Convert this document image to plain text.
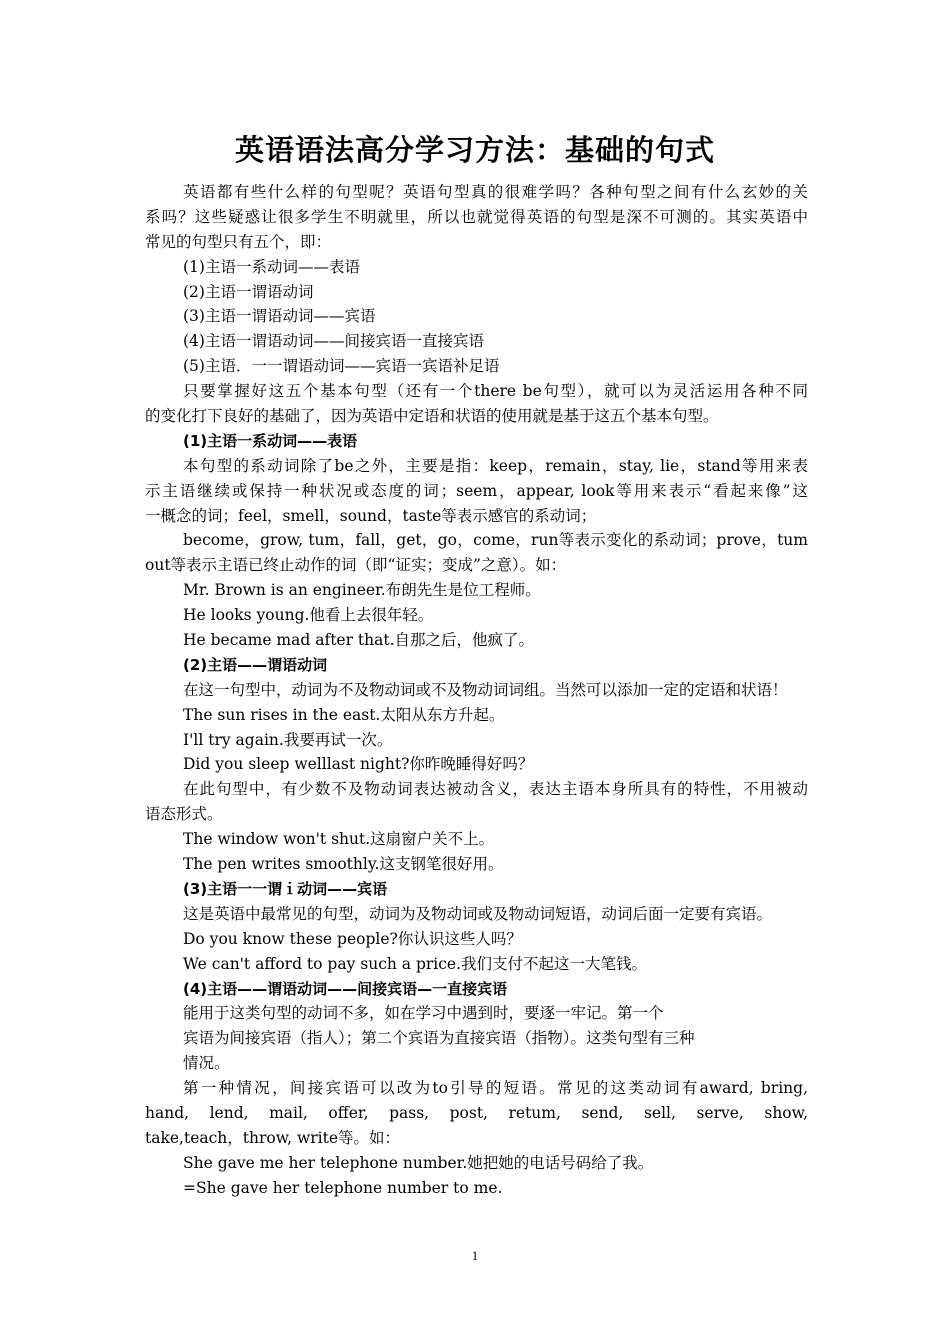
英语语法高分学习方法：基础的句式
英语都有些什么样的句型呢？英语句型真的很难学吗？各种句型之间有什么玄妙的关
系吗？这些疑惑让很多学生不明就里，所以也就觉得英语的句型是深不可测的。其实英语中
常见的句型只有五个，即：
(1)主语一系动词——表语
(2)主语一谓语动词
(3)主语一谓语动词——宾语
(4)主语一谓语动词——间接宾语一直接宾语
(5)主语．一一谓语动词——宾语一宾语补足语
只要掌握好这五个基本句型（还有一个there be句型），就可以为灵活运用各种不同
的变化打下良好的基础了，因为英语中定语和状语的使用就是基于这五个基本句型。
(1)主语一系动词——表语
本句型的系动词除了be之外，主要是指：keep，remain，stay, lie，stand等用来表
示主语继续或保持一种状况或态度的词；seem，appear, look等用来表示“看起来像”这
一概念的词；feel，smell，sound，taste等表示感官的系动词；
become，grow, tum，fall，get，go，come，run等表示变化的系动词；prove，tum
out等表示主语已终止动作的词（即“证实；变成”之意）。如：
Mr. Brown is an engineer.布朗先生是位工程师。
He looks young.他看上去很年轻。
He became mad after that.自那之后，他疯了。
(2)主语——谓语动词
在这一句型中，动词为不及物动词或不及物动词词组。当然可以添加一定的定语和状语！
The sun rises in the east.太阳从东方升起。
I'll try again.我要再试一次。
Did you sleep welllast night?你昨晚睡得好吗？
在此句型中，有少数不及物动词表达被动含义，表达主语本身所具有的特性，不用被动
语态形式。
The window won't shut.这扇窗户关不上。
The pen writes smoothly.这支钢笔很好用。
(3)主语一一谓ｉ动词——宾语
这是英语中最常见的句型，动词为及物动词或及物动词短语，动词后面一定要有宾语。
Do you know these people?你认识这些人吗？
We can't afford to pay such a price.我们支付不起这一大笔钱。
(4)主语——谓语动词——间接宾语—一直接宾语
能用于这类句型的动词不多，如在学习中遇到时，要逐一牢记。第一个
宾语为间接宾语（指人）；第二个宾语为直接宾语（指物）。这类句型有三种
情况。
第一种情况，间接宾语可以改为to引导的短语。常见的这类动词有award, bring,
hand, lend, mail, offer, pass, post, retum, send, sell, serve, show,
take,teach，throw, write等。如：
She gave me her telephone number.她把她的电话号码给了我。
=She gave her telephone number to me.
1
